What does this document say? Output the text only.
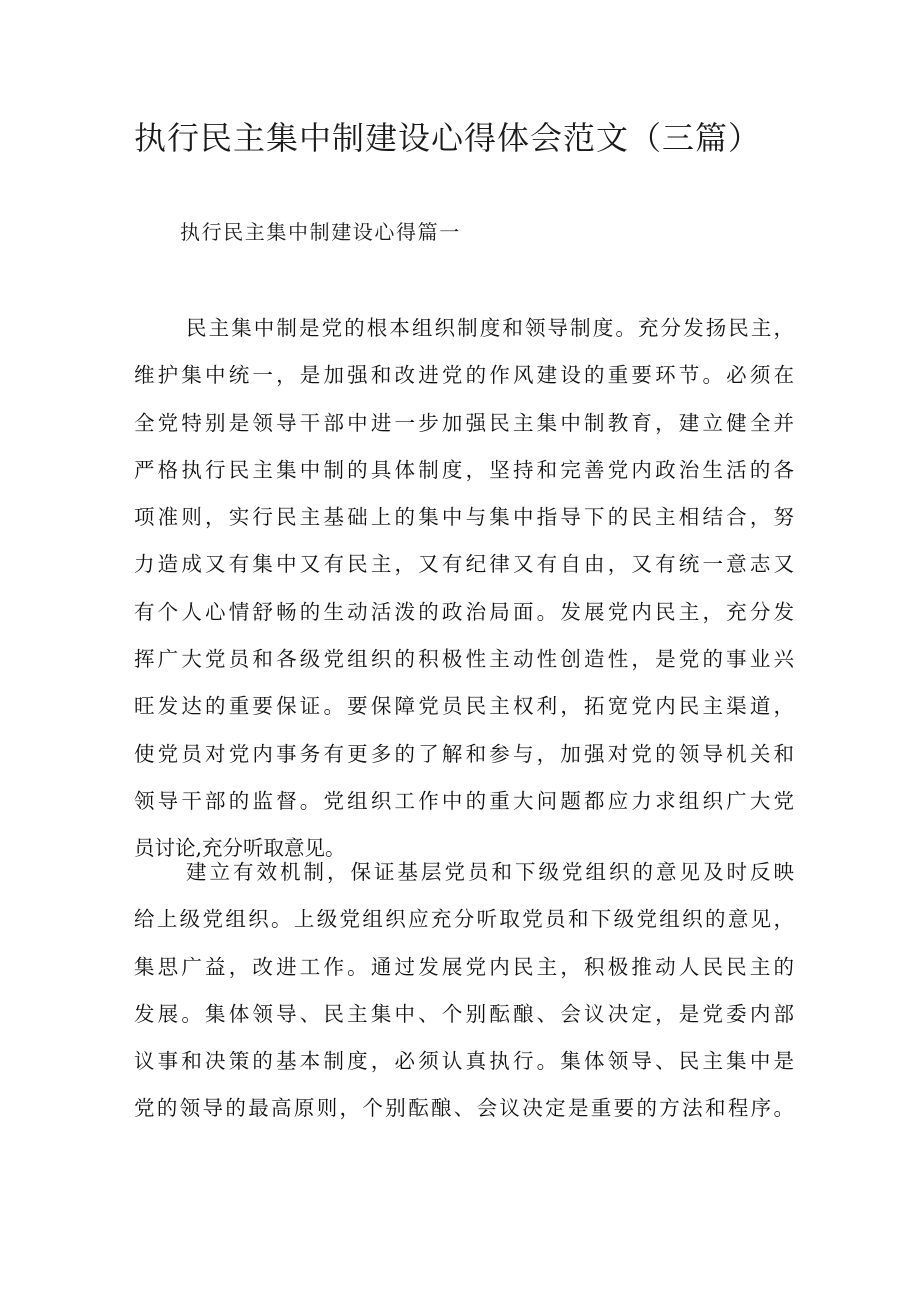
执行民主集中制建设心得体会范文（三篇）
执行民主集中制建设心得篇一
民主集中制是党的根本组织制度和领导制度。充分发扬民主，
维护集中统一，是加强和改进党的作风建设的重要环节。必须在
全党特别是领导干部中进一步加强民主集中制教育，建立健全并
严格执行民主集中制的具体制度，坚持和完善党内政治生活的各
项准则，实行民主基础上的集中与集中指导下的民主相结合，努
力造成又有集中又有民主，又有纪律又有自由，又有统一意志又
有个人心情舒畅的生动活泼的政治局面。发展党内民主，充分发
挥广大党员和各级党组织的积极性主动性创造性，是党的事业兴
旺发达的重要保证。要保障党员民主权利，拓宽党内民主渠道，
使党员对党内事务有更多的了解和参与，加强对党的领导机关和
领导干部的监督。党组织工作中的重大问题都应力求组织广大党
员讨论,充分听取意见。
建立有效机制，保证基层党员和下级党组织的意见及时反映
给上级党组织。上级党组织应充分听取党员和下级党组织的意见，
集思广益，改进工作。通过发展党内民主，积极推动人民民主的
发展。集体领导、民主集中、个别酝酿、会议决定，是党委内部
议事和决策的基本制度，必须认真执行。集体领导、民主集中是
党的领导的最高原则，个别酝酿、会议决定是重要的方法和程序。
